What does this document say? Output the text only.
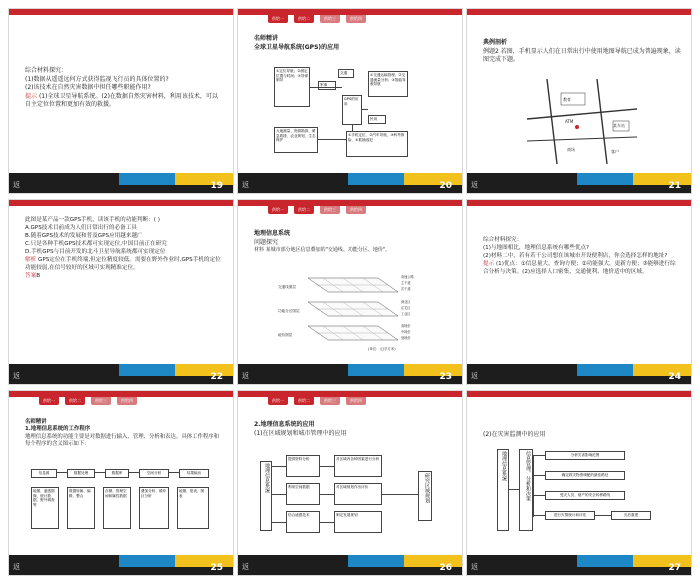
综合材料探究：
(1)数据从遥遥远何方式获得监视飞行员的具体位置的?
(2)该技术在自然灾害数据中担任哪些职能作用?
提示 (1)全球卫星导航系统。(2)在数据自然灾害材料，利用该技术，可以自主定位位置和更加有效的救援。
返	19
供给一	供给二	供给三	供给四
名师精讲
全球卫星导航系统(GPS)的应用
①定位导航；②测定位置与时间；③导弹制导
军事
交通
GPS的应用
①交通运输管理；②交通流量分析；③智能驾驶导航
民用
大地测量、资源勘探、紧急救援、农业规划、生态保护
①手机定位、②汽车导航、③科考探险、④抓捕逃犯
返	20
典例剖析
例题2 若图，手机显示人们在日常出行中使用地图导航已成为普遍现象，读图完成下题。
ATM
教育
某车站
商场	客户
返	21
此图是某产品一款GPS手机，读该手机的功能判断：( )
A.GPS技术目前成为人们日常出行的必备工具
B.随着GPS技术的发展和普及GPS应用越来越广
C.只是各种手机GPS技术都可实现定位,中国目前正在研究
D.手机GPS与目前开发的北斗卫星导航系统都可实现定位
解析 GPS定位在手机终端,但定位精度较低。需要在野外作业时,GPS手机的定位功能较弱,在信号较好的区域可实现精准定位。
答案B
返	22
供给一	供给二	供给三	供给四
地理信息系统
问题探究
材料 某城市部分地区信息叠加的"交通线、功能分区、地价"。
交通线图层
功能分区图层
地价图层
高速公路
主干道
次干道
商业区
住宅区
工业区
高地价
中地价
低地价
(单位：元/平方米)
返	23
综合材料探究：
(1)与地图相比，地理信息系统有哪些优点?
(2)材料二中，若有若干公司想在该城市开设便利店，你会选择怎样的地址?
提示 (1)优点：①信息量大，查询方便；②功能强大，更新方便；③能够进行综合分析与决策。(2)应选择人口密集、交通便利、地价适中的区域。
返	24
供给一	供给二	供给三	供给四
名师精讲
1.地理信息系统的工作程序
地理信息系统的功能主要是对数据进行输入、管理、分析和表达。具体工作程序和每个程序的含义图示如下:
信息源	数据处理	数据库	空间分析	结果输出
地图、遥感图像、统计数据、野外调查等
数据转换、编辑、整合
存储、管理空间和属性数据
叠加分析、缓冲区分析
地图、报表、图表
返	25
供给一	供给二	供给三	供给四
2.地理信息系统的应用
(1)在区域规划和城市管理中的应用
地理信息系统
提供资料分析
利用空间数据
结合遥感技术
对区域内各种因素进行分析
对区域规划作出评价
制定发展规划
研究区域规划
返	26
(2)在灾害监测中的应用
地理信息系统	信息管理、分析和决策	分析灾害影响范围
确定救灾物资调配的最佳路径
受灾人员、财产的安全转移路线
进行灾情统计和评估	灾后重建
返	27
